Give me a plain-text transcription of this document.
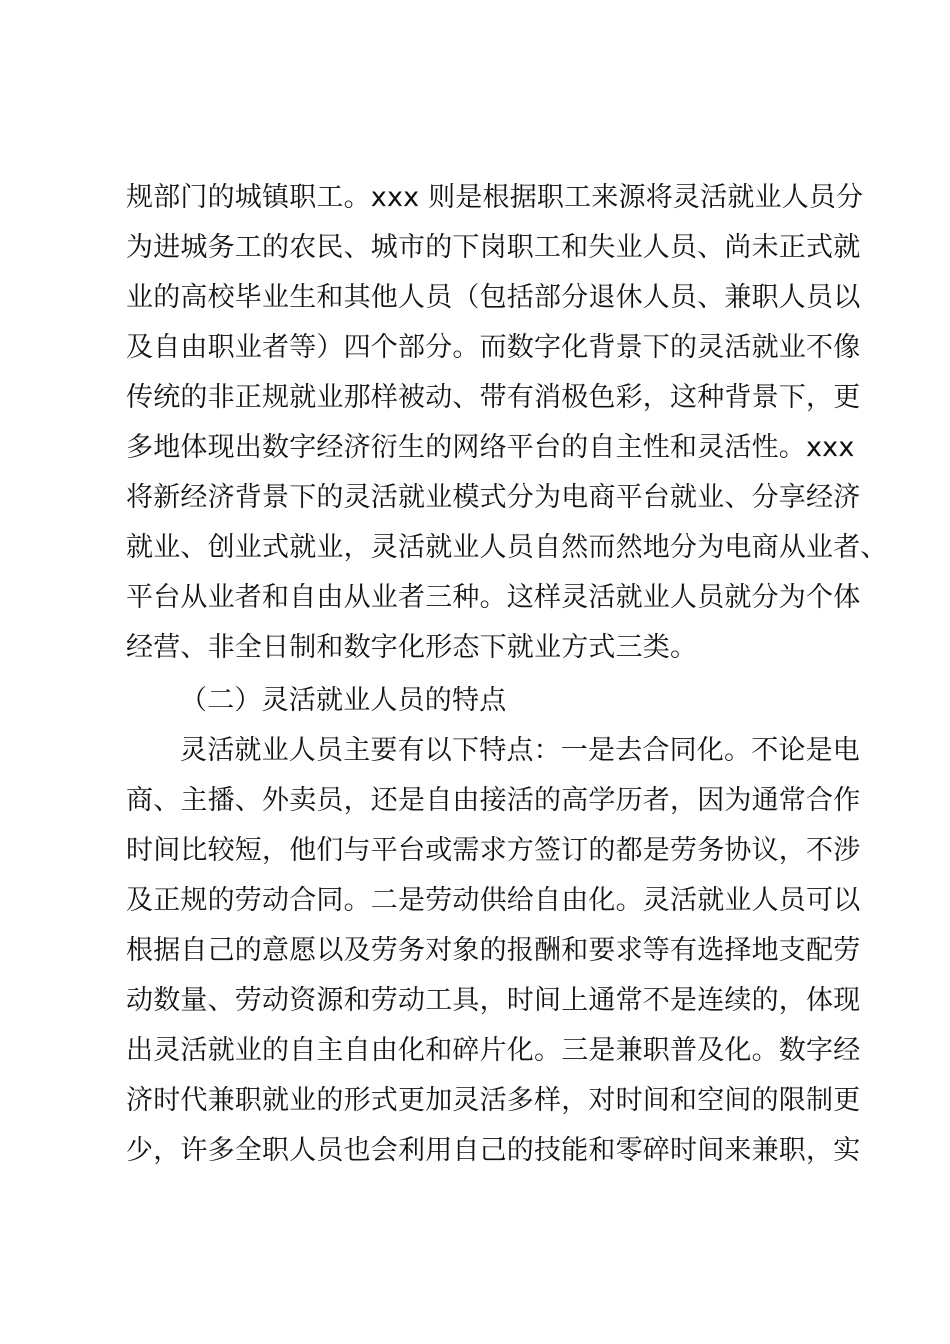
规部门的城镇职工。xxx 则是根据职工来源将灵活就业人员分
为进城务工的农民、城市的下岗职工和失业人员、尚未正式就
业的高校毕业生和其他人员（包括部分退休人员、兼职人员以
及自由职业者等）四个部分。而数字化背景下的灵活就业不像
传统的非正规就业那样被动、带有消极色彩，这种背景下，更
多地体现出数字经济衍生的网络平台的自主性和灵活性。xxx
将新经济背景下的灵活就业模式分为电商平台就业、分享经济
就业、创业式就业，灵活就业人员自然而然地分为电商从业者、
平台从业者和自由从业者三种。这样灵活就业人员就分为个体
经营、非全日制和数字化形态下就业方式三类。
（二）灵活就业人员的特点
灵活就业人员主要有以下特点：一是去合同化。不论是电
商、主播、外卖员，还是自由接活的高学历者，因为通常合作
时间比较短，他们与平台或需求方签订的都是劳务协议，不涉
及正规的劳动合同。二是劳动供给自由化。灵活就业人员可以
根据自己的意愿以及劳务对象的报酬和要求等有选择地支配劳
动数量、劳动资源和劳动工具，时间上通常不是连续的，体现
出灵活就业的自主自由化和碎片化。三是兼职普及化。数字经
济时代兼职就业的形式更加灵活多样，对时间和空间的限制更
少，许多全职人员也会利用自己的技能和零碎时间来兼职，实
